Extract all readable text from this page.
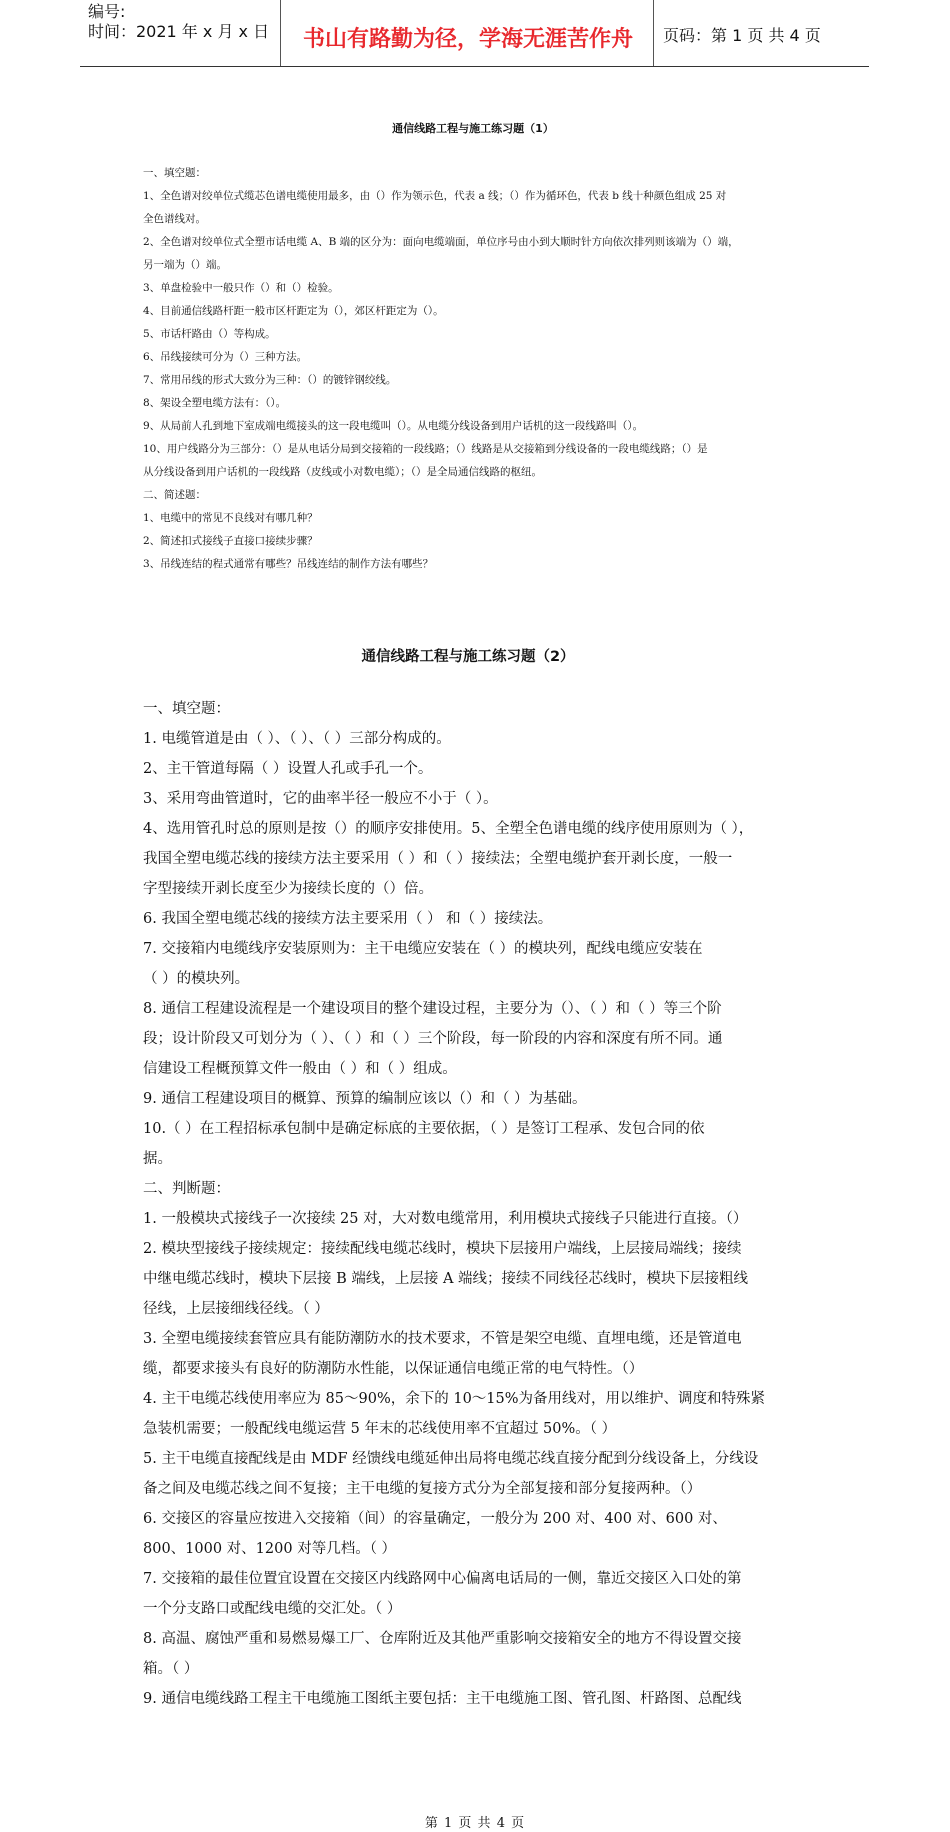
编号:
时间：2021 年 x 月 x 日 书山有路勤为径，学海无涯苦作舟	页码：第 1 页 共 4 页
通信线路工程与施工练习题（1）
一、填空题：
1、全色谱对绞单位式缆芯色谱电缆使用最多，由（）作为领示色，代表 a 线；（）作为循环色，代表 b 线十种颜色组成 25 对
全色谱线对。
2、全色谱对绞单位式全塑市话电缆 A、B 端的区分为：面向电缆端面，单位序号由小到大顺时针方向依次排列则该端为（）端，
另一端为（）端。
3、单盘检验中一般只作（）和（）检验。
4、目前通信线路杆距一般市区杆距定为（），郊区杆距定为（）。
5、市话杆路由（）等构成。
6、吊线接续可分为（）三种方法。
7、常用吊线的形式大致分为三种：（）的镀锌钢绞线。
8、架设全塑电缆方法有：（）。
9、从局前人孔到地下室成端电缆接头的这一段电缆叫（）。从电缆分线设备到用户话机的这一段线路叫（）。
10、用户线路分为三部分：（）是从电话分局到交接箱的一段线路；（）线路是从交接箱到分线设备的一段电缆线路；（）是
从分线设备到用户话机的一段线路（皮线或小对数电缆）；（）是全局通信线路的枢纽。
二、简述题：
1、电缆中的常见不良线对有哪几种？
2、简述扣式接线子直接口接续步骤？
3、吊线连结的程式通常有哪些？吊线连结的制作方法有哪些？
通信线路工程与施工练习题（2）
一、填空题：
1. 电缆管道是由（ ）、（ ）、（ ）三部分构成的。
2、主干管道每隔（ ）设置人孔或手孔一个。
3、采用弯曲管道时，它的曲率半径一般应不小于（ ）。
4、选用管孔时总的原则是按（）的顺序安排使用。5、全塑全色谱电缆的线序使用原则为（ ），
我国全塑电缆芯线的接续方法主要采用（ ）和（ ）接续法；全塑电缆护套开剥长度，一般一
字型接续开剥长度至少为接续长度的（）倍。
6. 我国全塑电缆芯线的接续方法主要采用（ ） 和（ ）接续法。
7. 交接箱内电缆线序安装原则为：主干电缆应安装在（ ）的模块列，配线电缆应安装在
（ ）的模块列。
8. 通信工程建设流程是一个建设项目的整个建设过程，主要分为（）、（ ）和（ ）等三个阶
段；设计阶段又可划分为（ ）、（ ）和（ ）三个阶段，每一阶段的内容和深度有所不同。通
信建设工程概预算文件一般由（ ）和（ ）组成。
9. 通信工程建设项目的概算、预算的编制应该以（）和（ ）为基础。
10.（ ）在工程招标承包制中是确定标底的主要依据，（ ）是签订工程承、发包合同的依
据。
二、判断题：
1. 一般模块式接线子一次接续 25 对，大对数电缆常用，利用模块式接线子只能进行直接。（）
2. 模块型接线子接续规定：接续配线电缆芯线时，模块下层接用户端线，上层接局端线；接续
中继电缆芯线时，模块下层接 B 端线，上层接 A 端线；接续不同线径芯线时，模块下层接粗线
径线，上层接细线径线。（ ）
3. 全塑电缆接续套管应具有能防潮防水的技术要求，不管是架空电缆、直埋电缆，还是管道电
缆，都要求接头有良好的防潮防水性能，以保证通信电缆正常的电气特性。（）
4. 主干电缆芯线使用率应为 85～90%，余下的 10～15%为备用线对，用以维护、调度和特殊紧
急装机需要；一般配线电缆运营 5 年末的芯线使用率不宜超过 50%。（ ）
5. 主干电缆直接配线是由 MDF 经馈线电缆延伸出局将电缆芯线直接分配到分线设备上，分线设
备之间及电缆芯线之间不复接；主干电缆的复接方式分为全部复接和部分复接两种。（）
6. 交接区的容量应按进入交接箱（间）的容量确定，一般分为 200 对、400 对、600 对、
800、1000 对、1200 对等几档。（ ）
7. 交接箱的最佳位置宜设置在交接区内线路网中心偏离电话局的一侧，靠近交接区入口处的第
一个分支路口或配线电缆的交汇处。（ ）
8. 高温、腐蚀严重和易燃易爆工厂、仓库附近及其他严重影响交接箱安全的地方不得设置交接
箱。（ ）
9. 通信电缆线路工程主干电缆施工图纸主要包括：主干电缆施工图、管孔图、杆路图、总配线
第 1 页 共 4 页
